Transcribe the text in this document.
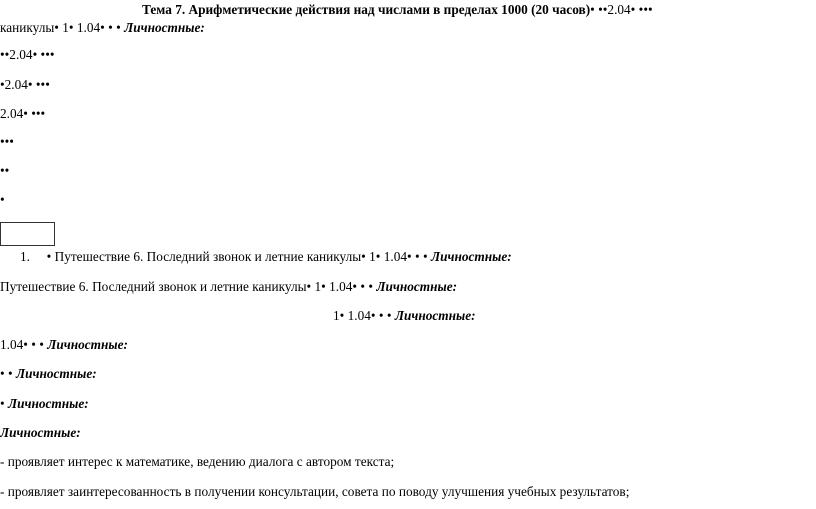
Тема 7. Арифметические действия над числами в пределах 1000 (20 часов)• ••2.04• •••
каникулы• 1• 1.04• • • Личностные:
••2.04• •••
•2.04• •••
2.04• •••
•••
••
•
1. • Путешествие 6. Последний звонок и летние каникулы• 1• 1.04• • • Личностные:
Путешествие 6. Последний звонок и летние каникулы• 1• 1.04• • • Личностные:
1• 1.04• • • Личностные:
1.04• • • Личностные:
• • Личностные:
• Личностные:
Личностные:
- проявляет интерес к математике, ведению диалога с автором текста;
- проявляет заинтересованность в получении консультации, совета по поводу улучшения учебных результатов;
